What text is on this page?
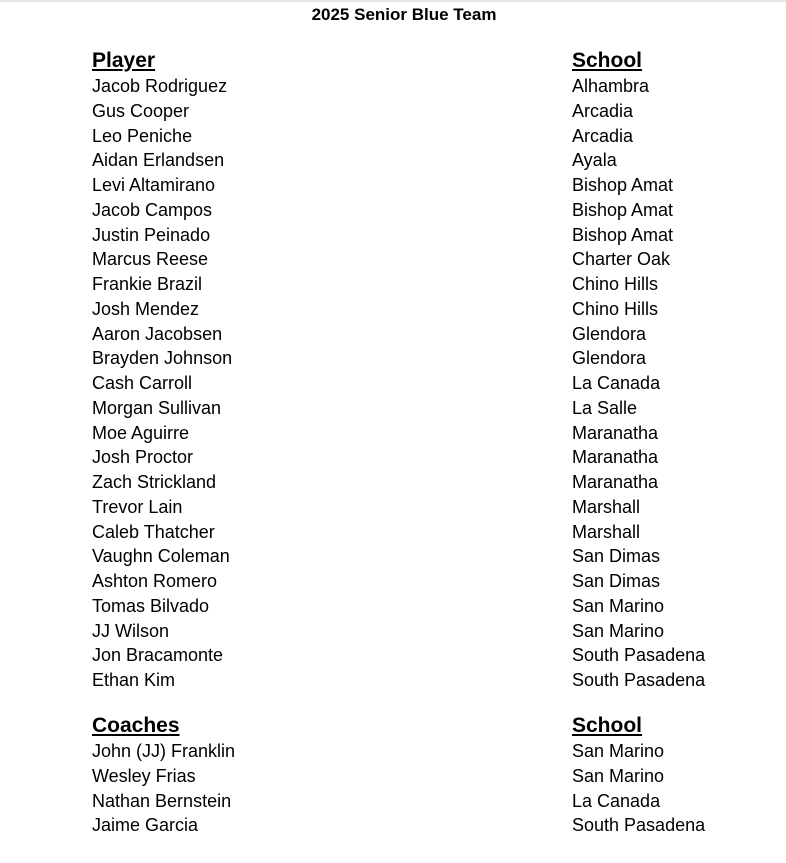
2025 Senior Blue Team
Player	School
Jacob Rodriguez	Alhambra
Gus Cooper	Arcadia
Leo Peniche	Arcadia
Aidan Erlandsen	Ayala
Levi Altamirano	Bishop Amat
Jacob Campos	Bishop Amat
Justin Peinado	Bishop Amat
Marcus Reese	Charter Oak
Frankie Brazil	Chino Hills
Josh Mendez	Chino Hills
Aaron Jacobsen	Glendora
Brayden Johnson	Glendora
Cash Carroll	La Canada
Morgan Sullivan	La Salle
Moe Aguirre	Maranatha
Josh Proctor	Maranatha
Zach Strickland	Maranatha
Trevor Lain	Marshall
Caleb Thatcher	Marshall
Vaughn Coleman	San Dimas
Ashton Romero	San Dimas
Tomas Bilvado	San Marino
JJ Wilson	San Marino
Jon Bracamonte	South Pasadena
Ethan Kim	South Pasadena
Coaches	School
John (JJ) Franklin	San Marino
Wesley Frias	San Marino
Nathan Bernstein	La Canada
Jaime Garcia	South Pasadena
